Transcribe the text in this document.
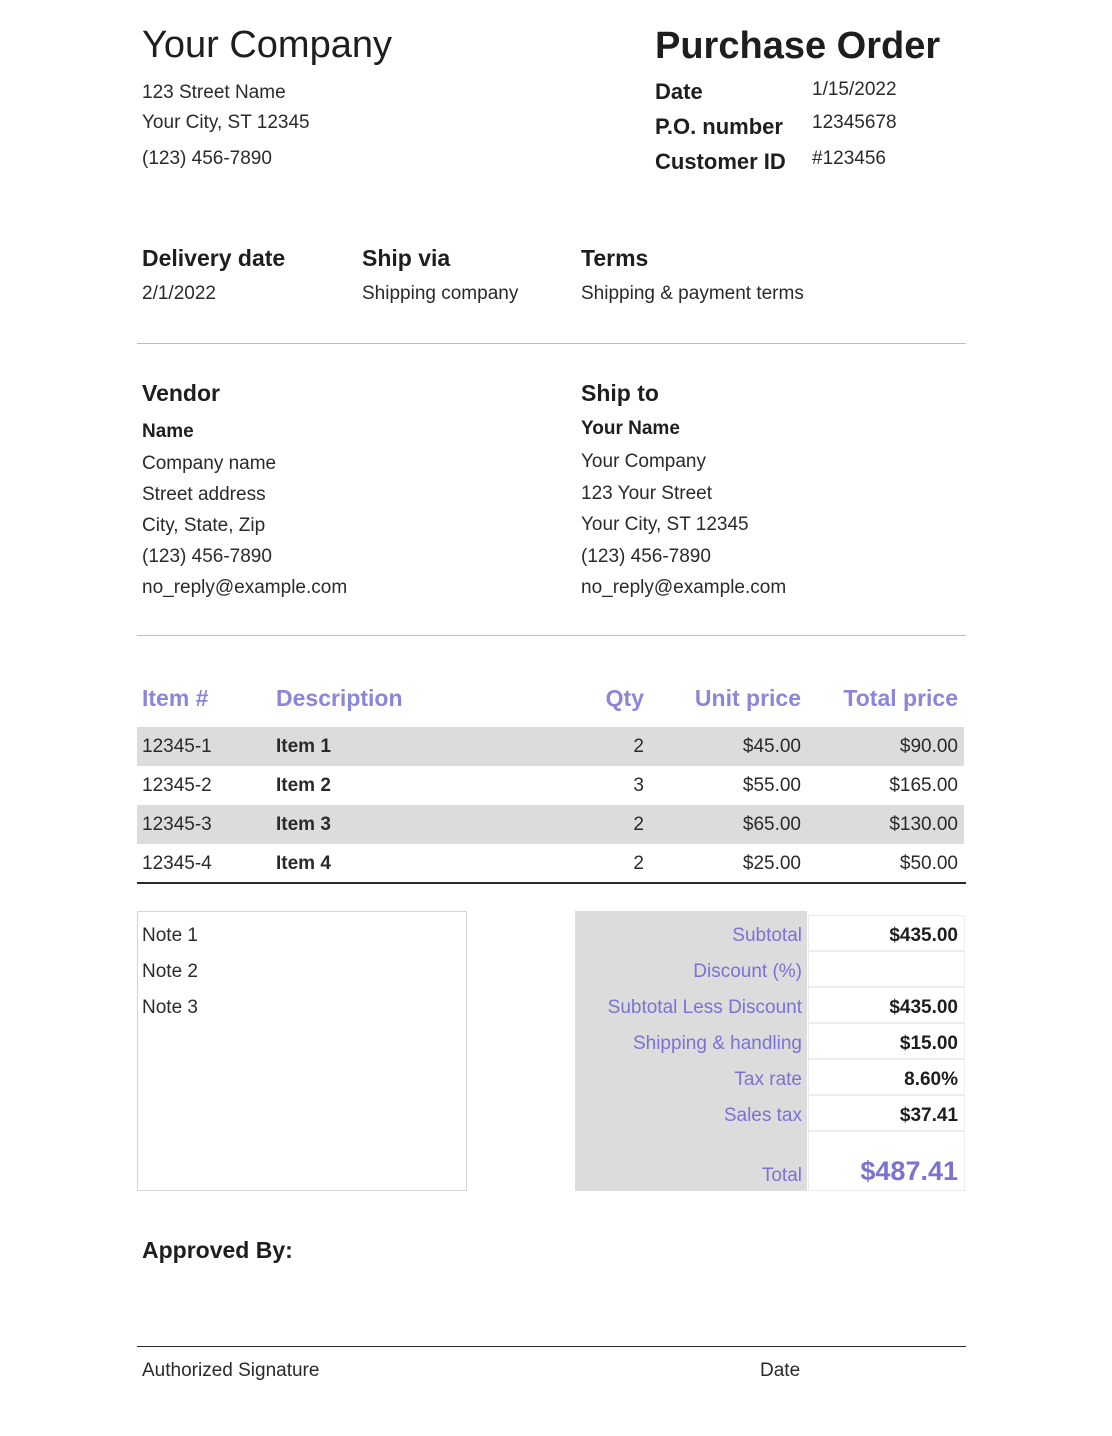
Your Company
123 Street Name
Your City, ST 12345
(123) 456-7890
Purchase Order
Date	1/15/2022
P.O. number 12345678
Customer ID #123456
Delivery date
2/1/2022
Ship via
Shipping company
Terms
Shipping & payment terms
Vendor
Name
Company name
Street address
City, State, Zip
(123) 456-7890
no_reply@example.com
Ship to
Your Name
Your Company
123 Your Street
Your City, ST 12345
(123) 456-7890
no_reply@example.com
Item #	Description	Qty	Unit price	Total price
12345-1	Item 1	2	$45.00	$90.00
12345-2	Item 2	3	$55.00	$165.00
12345-3	Item 3	2	$65.00	$130.00
12345-4	Item 4	2	$25.00	$50.00
Note 1
Note 2
Note 3
Subtotal	$435.00
Discount (%)
Subtotal Less Discount	$435.00
Shipping & handling	$15.00
Tax rate	8.60%
Sales tax	$37.41
Total	$487.41
Approved By:
Authorized Signature	Date
